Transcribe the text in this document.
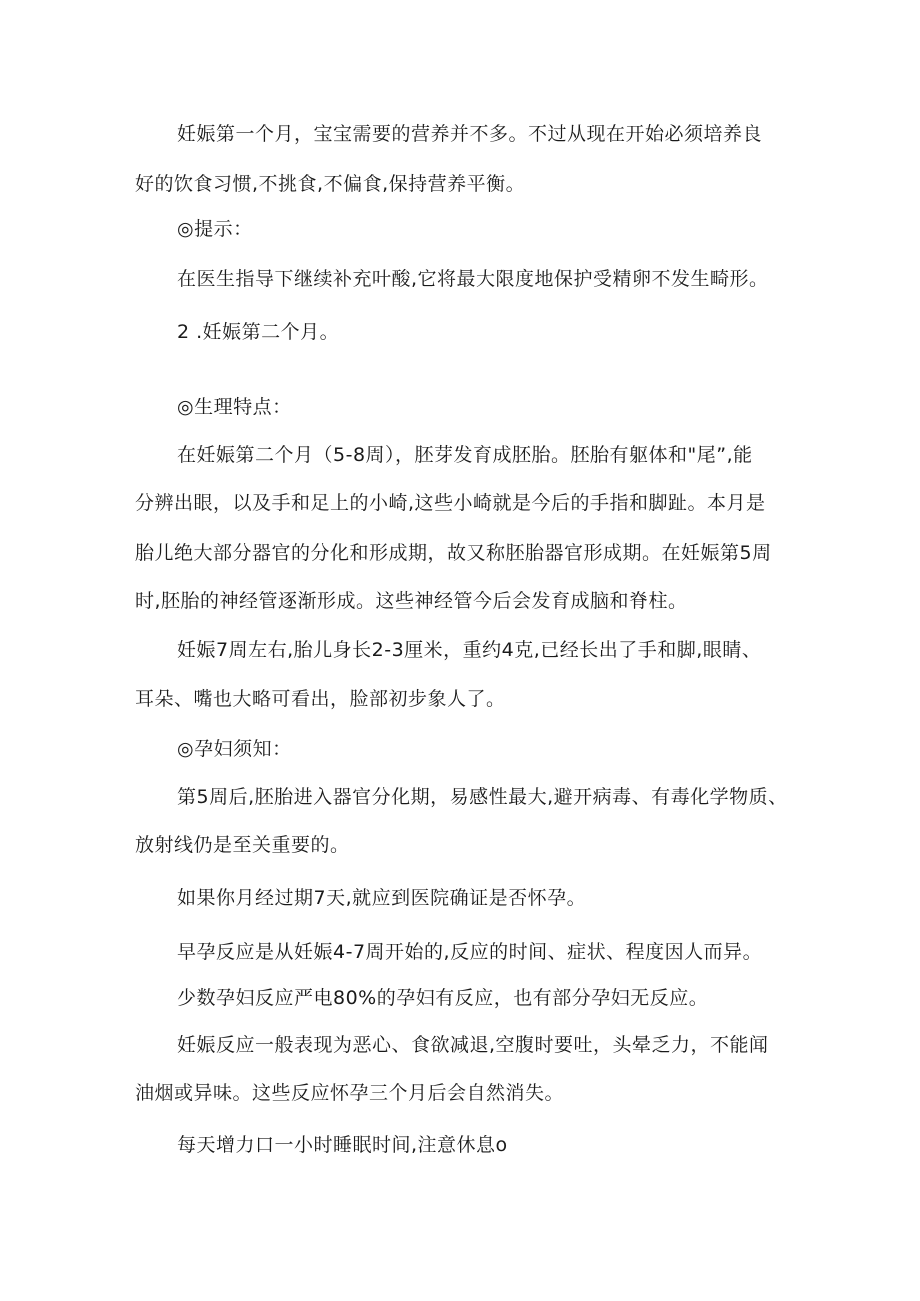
妊娠第一个月，宝宝需要的营养并不多。不过从现在开始必须培养良

好的饮食习惯,不挑食,不偏食,保持营养平衡。

◎提示：

在医生指导下继续补充叶酸,它将最大限度地保护受精卵不发生畸形。

2 .妊娠第二个月。

◎生理特点：

在妊娠第二个月（5-8周），胚芽发育成胚胎。胚胎有躯体和"尾”,能

分辨出眼，以及手和足上的小崎,这些小崎就是今后的手指和脚趾。本月是

胎儿绝大部分器官的分化和形成期，故又称胚胎器官形成期。在妊娠第5周

时,胚胎的神经管逐渐形成。这些神经管今后会发育成脑和脊柱。

妊娠7周左右,胎儿身长2-3厘米，重约4克,已经长出了手和脚,眼睛、

耳朵、嘴也大略可看出，脸部初步象人了。

◎孕妇须知：

第5周后,胚胎进入器官分化期，易感性最大,避开病毒、有毒化学物质、

放射线仍是至关重要的。

如果你月经过期7天,就应到医院确证是否怀孕。

早孕反应是从妊娠4-7周开始的,反应的时间、症状、程度因人而异。

少数孕妇反应严电80%的孕妇有反应，也有部分孕妇无反应。

妊娠反应一般表现为恶心、食欲减退,空腹时要吐，头晕乏力，不能闻

油烟或异味。这些反应怀孕三个月后会自然消失。

每天增力口一小时睡眠时间,注意休息o
